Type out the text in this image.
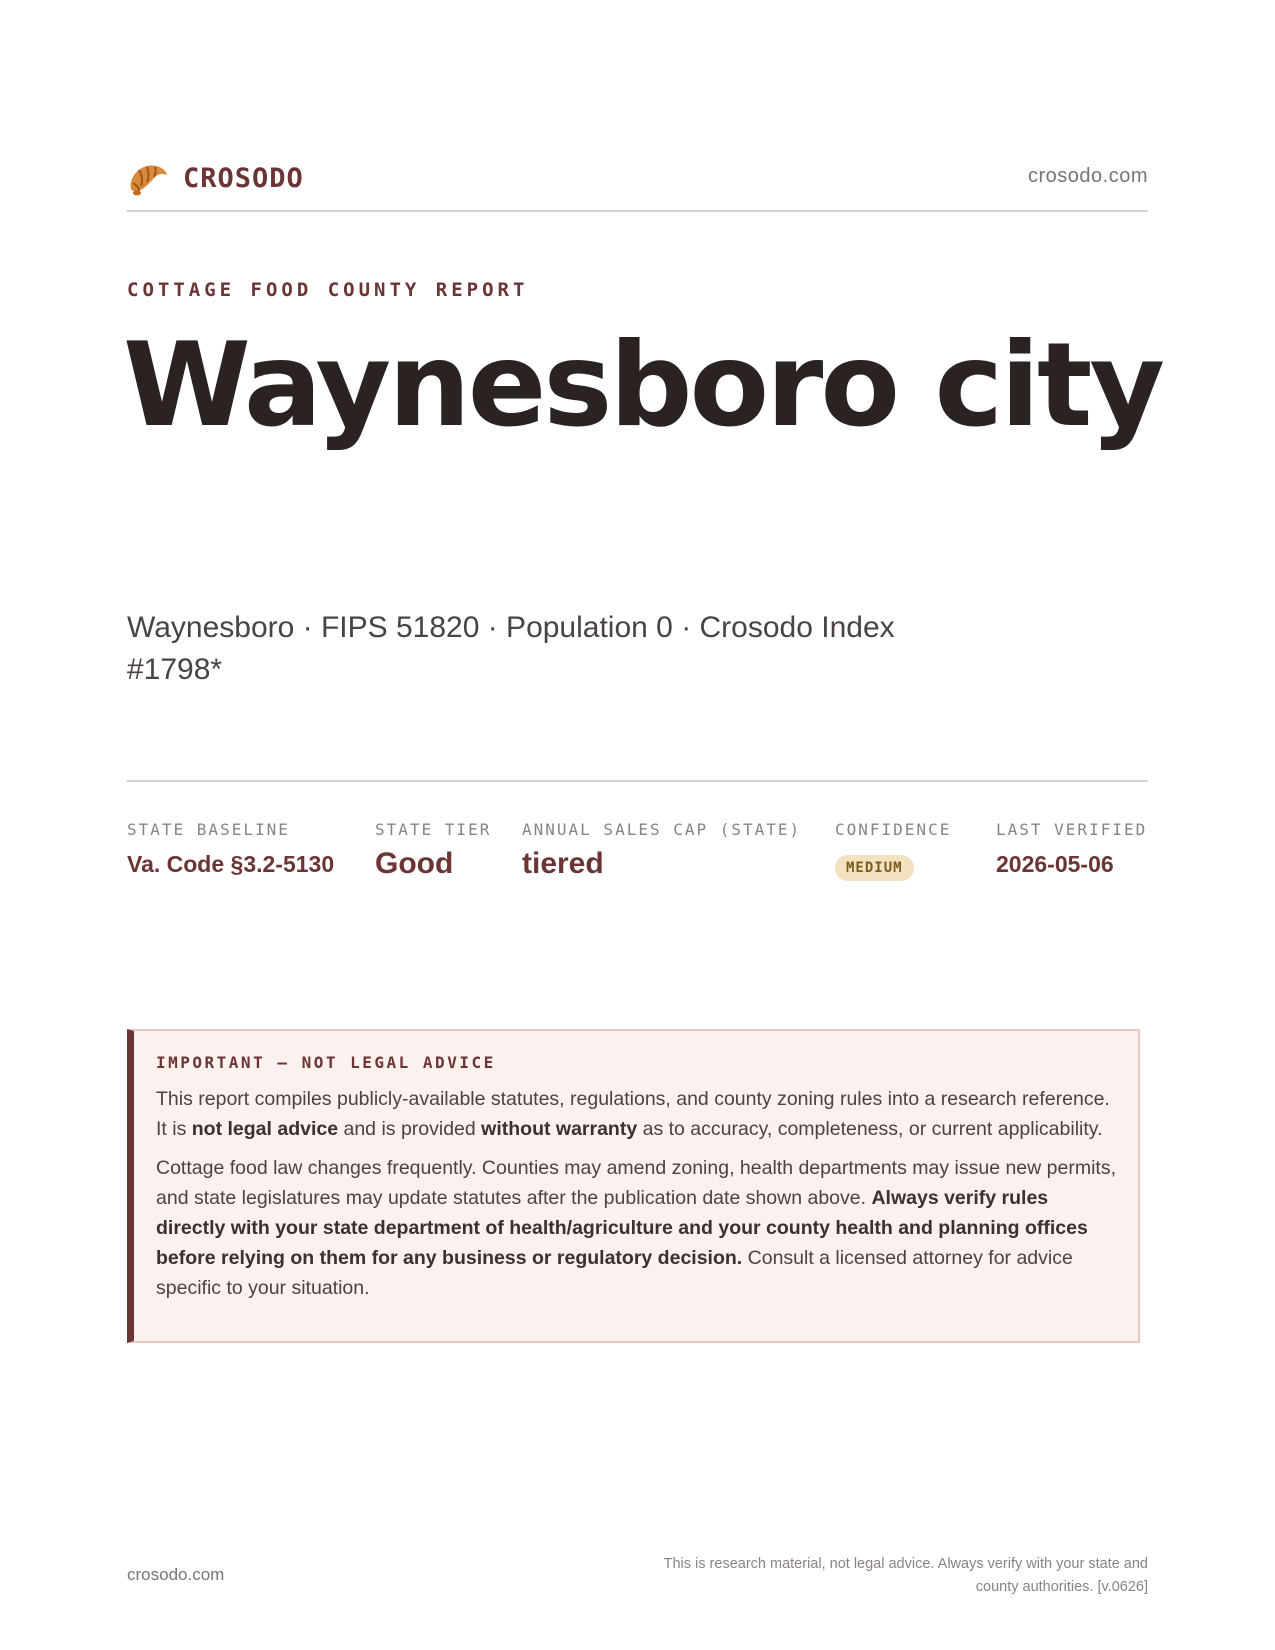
CROSODO	crosodo.com
COTTAGE FOOD COUNTY REPORT
Waynesboro city
Waynesboro · FIPS 51820 · Population 0 · Crosodo Index #1798*
STATE BASELINE
Va. Code §3.2-5130
STATE TIER
Good
ANNUAL SALES CAP (STATE)
tiered
CONFIDENCE
MEDIUM
LAST VERIFIED
2026-05-06
IMPORTANT — NOT LEGAL ADVICE

This report compiles publicly-available statutes, regulations, and county zoning rules into a research reference. It is not legal advice and is provided without warranty as to accuracy, completeness, or current applicability.

Cottage food law changes frequently. Counties may amend zoning, health departments may issue new permits, and state legislatures may update statutes after the publication date shown above. Always verify rules directly with your state department of health/agriculture and your county health and planning offices before relying on them for any business or regulatory decision. Consult a licensed attorney for advice specific to your situation.

crosodo.com
This is research material, not legal advice. Always verify with your state and county authorities. [v.0626]
